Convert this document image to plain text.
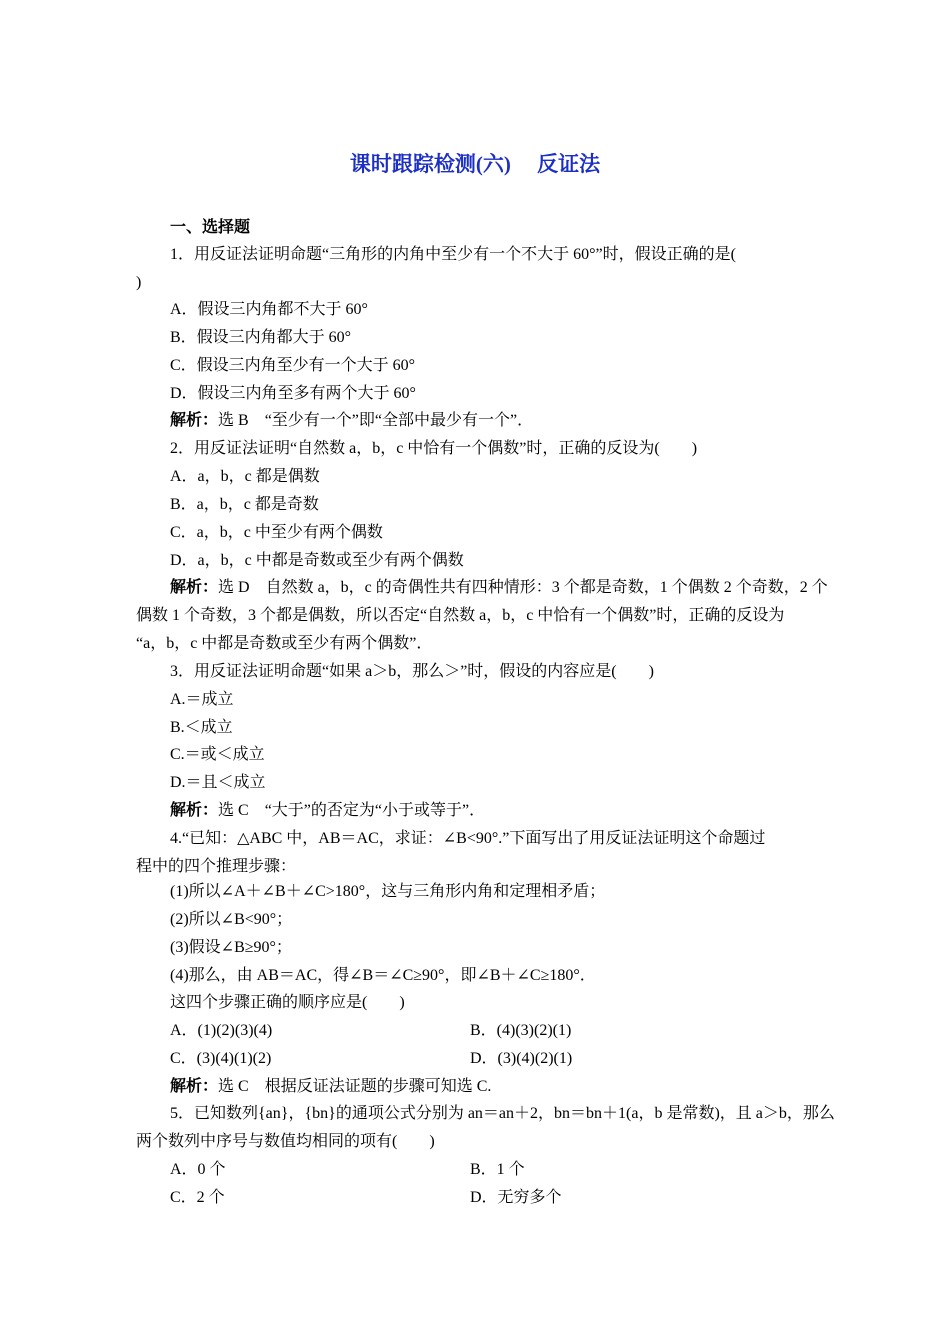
课时跟踪检测(六)　 反证法
一、选择题
1．用反证法证明命题“三角形的内角中至少有一个不大于 60°”时，假设正确的是(
)
A．假设三内角都不大于 60°
B．假设三内角都大于 60°
C．假设三内角至少有一个大于 60°
D．假设三内角至多有两个大于 60°
解析：选 B　“至少有一个”即“全部中最少有一个”．
2．用反证法证明“自然数 a，b，c 中恰有一个偶数”时，正确的反设为(　　)
A．a，b，c 都是偶数
B．a，b，c 都是奇数
C．a，b，c 中至少有两个偶数
D．a，b，c 中都是奇数或至少有两个偶数
解析：选 D　自然数 a，b，c 的奇偶性共有四种情形：3 个都是奇数，1 个偶数 2 个奇数，2 个
偶数 1 个奇数，3 个都是偶数，所以否定“自然数 a，b，c 中恰有一个偶数”时，正确的反设为
“a，b，c 中都是奇数或至少有两个偶数”．
3．用反证法证明命题“如果 a＞b，那么＞”时，假设的内容应是(　　)
A.＝成立
B.＜成立
C.＝或＜成立
D.＝且＜成立
解析：选 C　“大于”的否定为“小于或等于”．
4.“已知：△ABC 中，AB＝AC，求证：∠B<90°.”下面写出了用反证法证明这个命题过
程中的四个推理步骤：
(1)所以∠A＋∠B＋∠C>180°，这与三角形内角和定理相矛盾；
(2)所以∠B<90°；
(3)假设∠B≥90°；
(4)那么，由 AB＝AC，得∠B＝∠C≥90°，即∠B＋∠C≥180°．
这四个步骤正确的顺序应是(　　)
A．(1)(2)(3)(4)	B．(4)(3)(2)(1)
C．(3)(4)(1)(2)	D．(3)(4)(2)(1)
解析：选 C　根据反证法证题的步骤可知选 C.
5．已知数列{an}，{bn}的通项公式分别为 an＝an＋2，bn＝bn＋1(a，b 是常数)，且 a＞b，那么
两个数列中序号与数值均相同的项有(　　)
A．0 个	B．1 个
C．2 个	D．无穷多个
